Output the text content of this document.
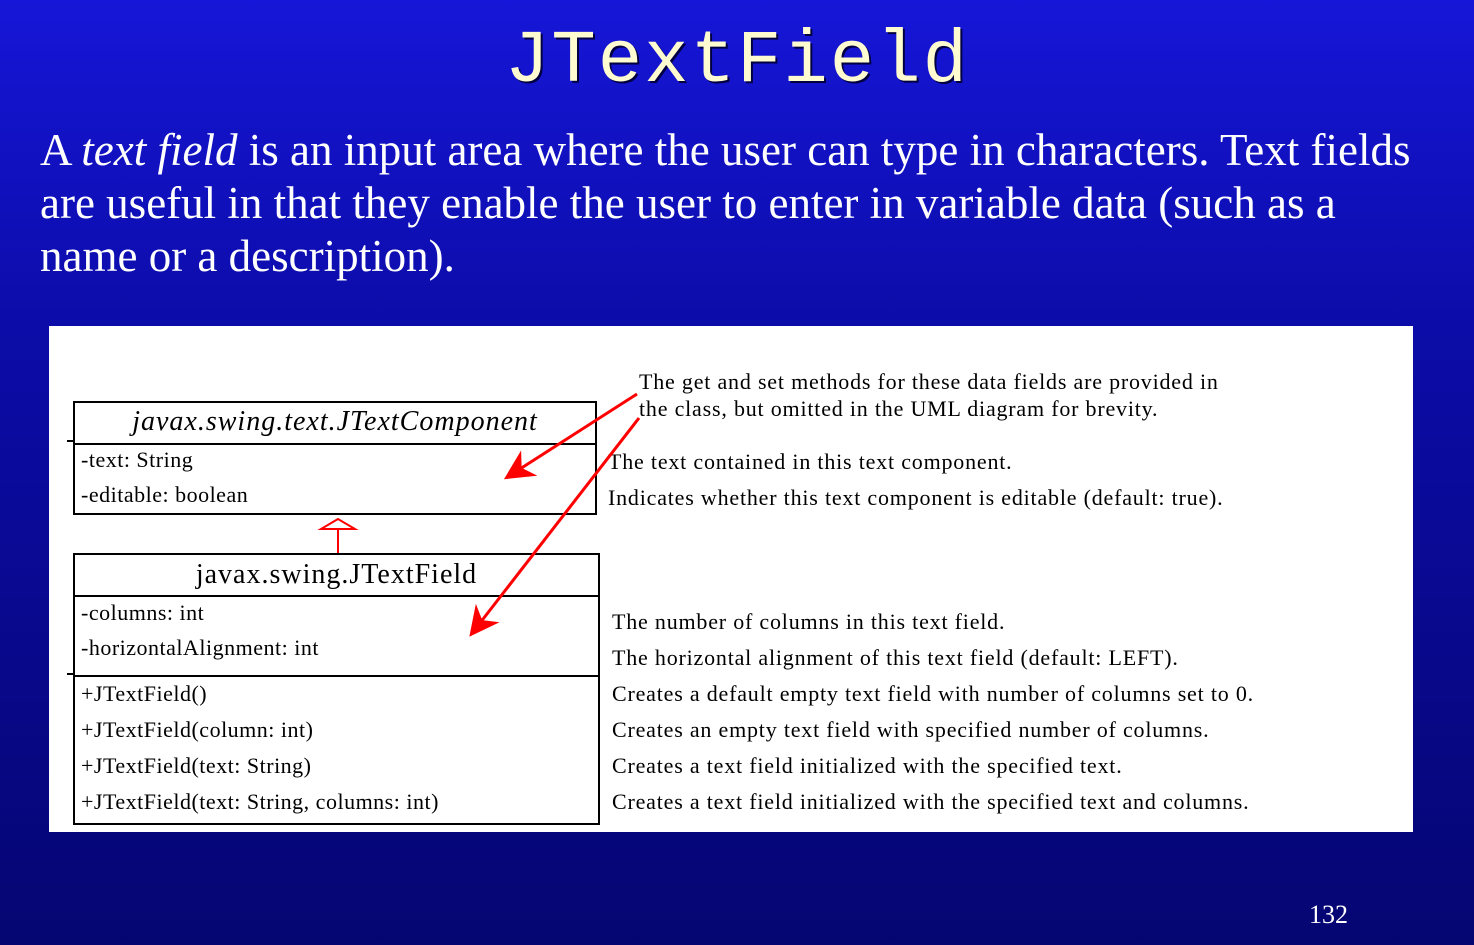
JTextField
A text field is an input area where the user can type in characters. Text fields are useful in that they enable the user to enter in variable data (such as a name or a description).
javax.swing.text.JTextComponent
-text: String
-editable: boolean
javax.swing.JTextField
-columns: int
-horizontalAlignment: int
+JTextField()
+JTextField(column: int)
+JTextField(text: String)
+JTextField(text: String, columns: int)
The get and set methods for these data fields are provided in
the class, but omitted in the UML diagram for brevity.
The text contained in this text component.
Indicates whether this text component is editable (default: true).
The number of columns in this text field.
The horizontal alignment of this text field (default: LEFT).
Creates a default empty text field with number of columns set to 0.
Creates an empty text field with specified number of columns.
Creates a text field initialized with the specified text.
Creates a text field initialized with the specified text and columns.
132
